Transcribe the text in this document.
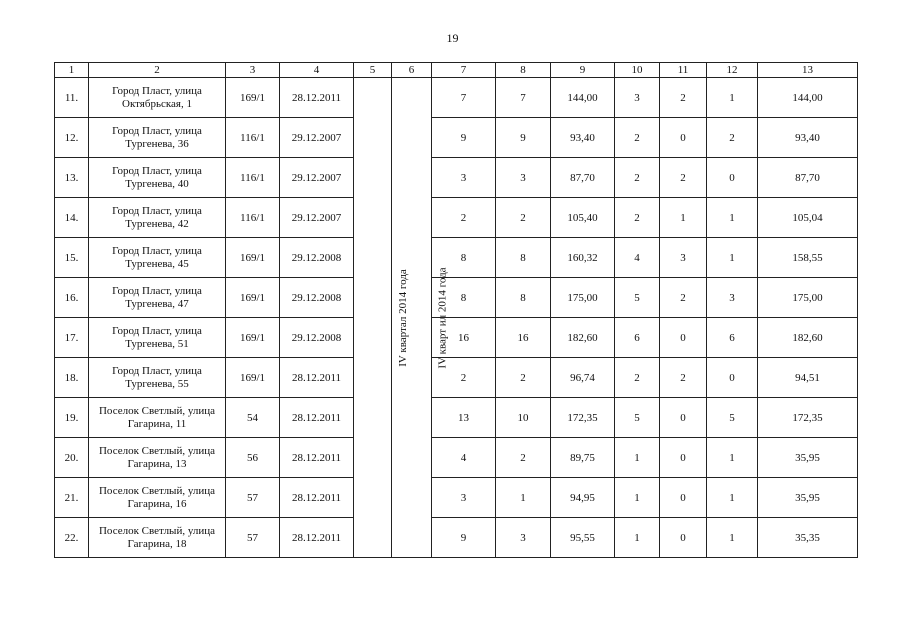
19
1	2	3	4	5	6	7	8	9	10	11	12	13
11.	Город Пласт, улица
Октябрьская, 1	169/1	28.12.2011	IV квартал 2014 года	IV кварт ил 2014 года	7	7	144,00	3	2	1	144,00
12.	Город Пласт, улица
Тургенева, 36	116/1	29.12.2007			9	9	93,40	2	0	2	93,40
13.	Город Пласт, улица
Тургенева, 40	116/1	29.12.2007			3	3	87,70	2	2	0	87,70
14.	Город Пласт, улица
Тургенева, 42	116/1	29.12.2007			2	2	105,40	2	1	1	105,04
15.	Город Пласт, улица
Тургенева, 45	169/1	29.12.2008			8	8	160,32	4	3	1	158,55
16.	Город Пласт, улица
Тургенева, 47	169/1	29.12.2008			8	8	175,00	5	2	3	175,00
17.	Город Пласт, улица
Тургенева, 51	169/1	29.12.2008			16	16	182,60	6	0	6	182,60
18.	Город Пласт, улица
Тургенева, 55	169/1	28.12.2011			2	2	96,74	2	2	0	94,51
19.	Поселок Светлый, улица
Гагарина, 11	54	28.12.2011			13	10	172,35	5	0	5	172,35
20.	Поселок Светлый, улица
Гагарина, 13	56	28.12.2011			4	2	89,75	1	0	1	35,95
21.	Поселок Светлый, улица
Гагарина, 16	57	28.12.2011			3	1	94,95	1	0	1	35,95
22.	Поселок Светлый, улица
Гагарина, 18	57	28.12.2011			9	3	95,55	1	0	1	35,35
